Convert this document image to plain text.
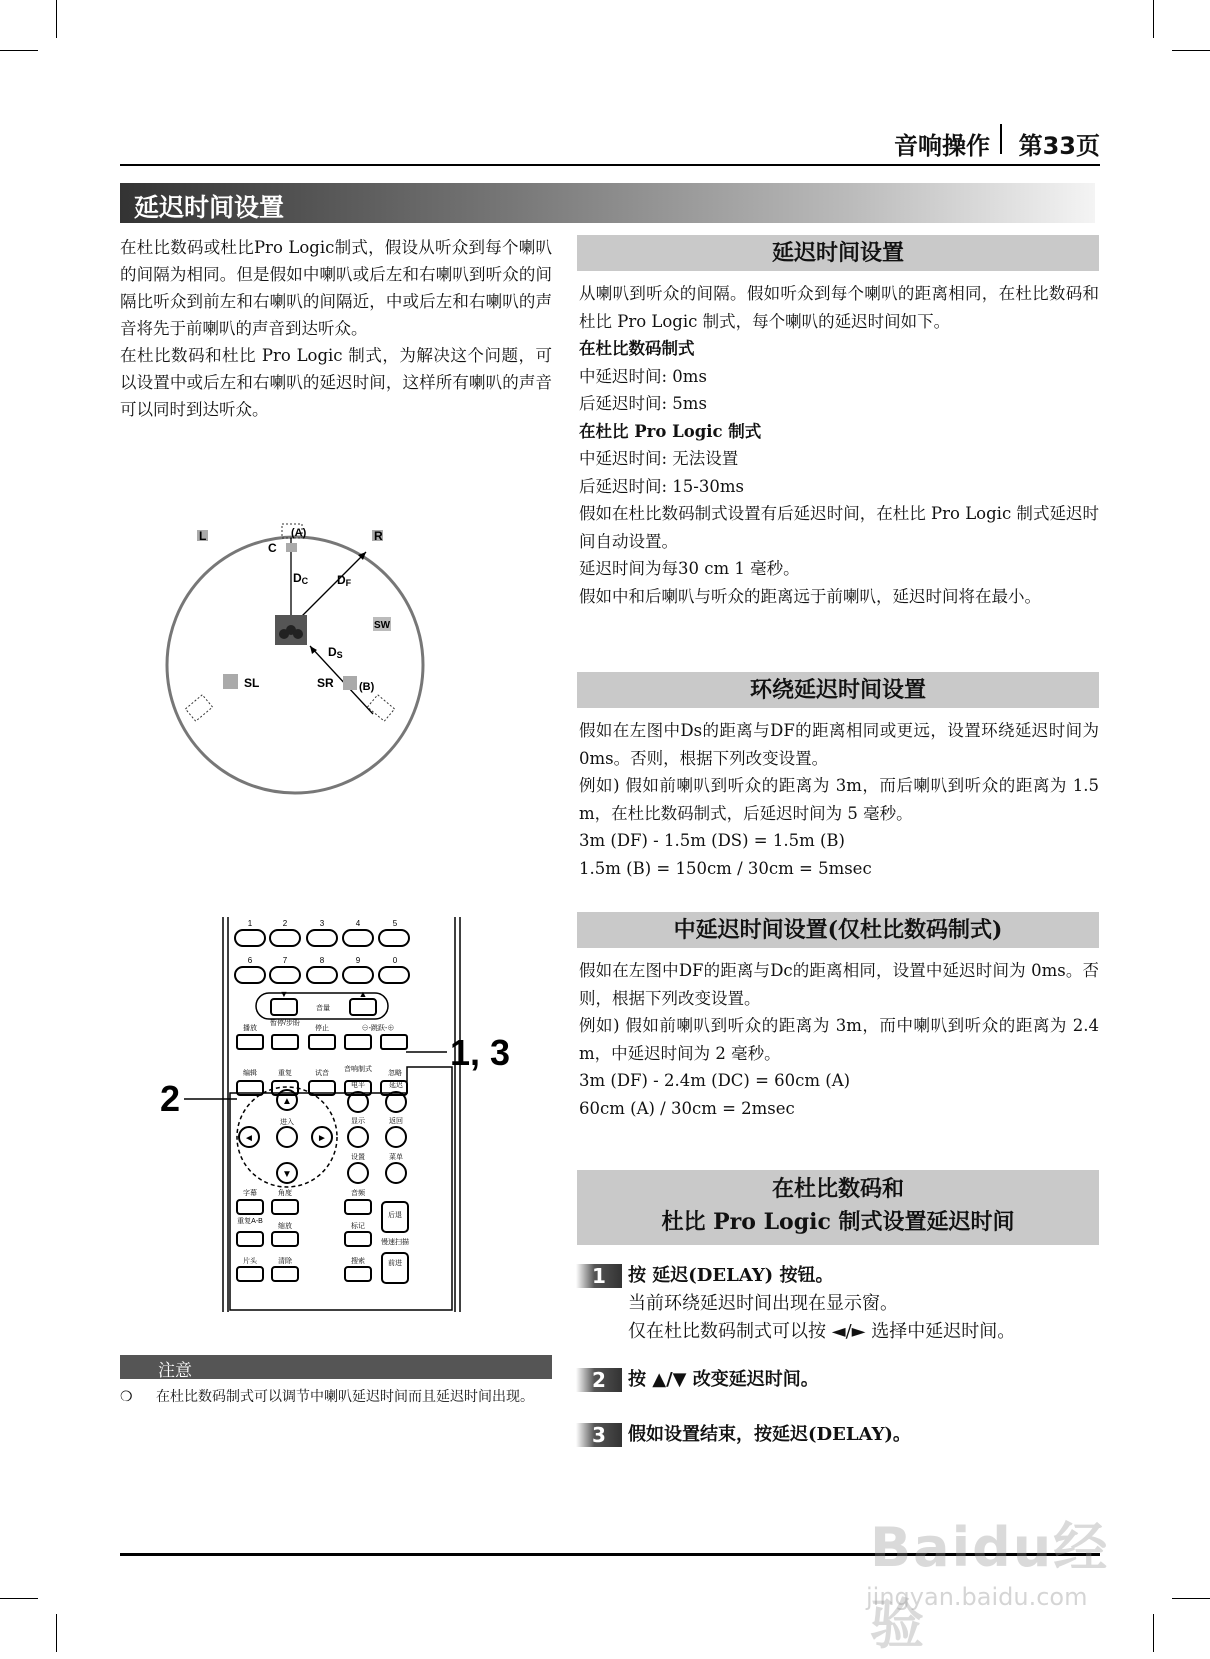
音响操作 第33页
延迟时间设置

在杜比数码或杜比Pro Logic制式，假设从听众到每个喇叭的间隔为相同。但是假如中喇叭或后左和右喇叭到听众的间隔比听众到前左和右喇叭的间隔近，中或后左和右喇叭的声音将先于前喇叭的声音到达听众。

在杜比数码和杜比 Pro Logic 制式，为解决这个问题，可以设置中或后左和右喇叭的延迟时间，这样所有喇叭的声音可以同时到达听众。

L	R
C
(A)
SW
SL	SR (B)
DC DF
DS
1	2	3	4	5
6	7	8	9	0
▼	▲
音量
播放
暂停/步盼
停止	⊖-跳跃-⊕
编辑	重复	试音
音响制式
忽略
▲
▼
◄	►
进入
电平	延迟
显示	返回
设置	菜单
字幕	角度	音频
后退
重复A-B
缩放	标记
慢速扫描
片头	清除	搜索	前进
2
1, 3
注意
❍ 在杜比数码制式可以调节中喇叭延迟时间而且延迟时间出现。
延迟时间设置

从喇叭到听众的间隔。假如听众到每个喇叭的距离相同，在杜比数码和杜比 Pro Logic 制式，每个喇叭的延迟时间如下。

在杜比数码制式

中延迟时间: 0ms

后延迟时间: 5ms

在杜比 Pro Logic 制式

中延迟时间: 无法设置

后延迟时间: 15-30ms

假如在杜比数码制式设置有后延迟时间，在杜比 Pro Logic 制式延迟时间自动设置。

延迟时间为每30 cm 1 毫秒。

假如中和后喇叭与听众的距离远于前喇叭，延迟时间将在最小。

环绕延迟时间设置

假如在左图中Ds的距离与DF的距离相同或更远，设置环绕延迟时间为 0ms。否则，根据下列改变设置。

例如) 假如前喇叭到听众的距离为 3m，而后喇叭到听众的距离为 1.5 m，在杜比数码制式，后延迟时间为 5 毫秒。

3m (DF) - 1.5m (DS) = 1.5m (B)

1.5m (B) = 150cm / 30cm = 5msec

中延迟时间设置(仅杜比数码制式)

假如在左图中DF的距离与Dc的距离相同，设置中延迟时间为 0ms。否则，根据下列改变设置。

例如) 假如前喇叭到听众的距离为 3m，而中喇叭到听众的距离为 2.4 m，中延迟时间为 2 毫秒。

3m (DF) - 2.4m (DC) = 60cm (A)

60cm (A) / 30cm = 2msec

在杜比数码和
杜比 Pro Logic 制式设置延迟时间
1	按 延迟(DELAY) 按钮。
当前环绕延迟时间出现在显示窗。
仅在杜比数码制式可以按 ◄/► 选择中延迟时间。
2	按 ▲/▼ 改变延迟时间。
3	假如设置结束，按延迟(DELAY)。
Baidu经验
jingyan.baidu.com
